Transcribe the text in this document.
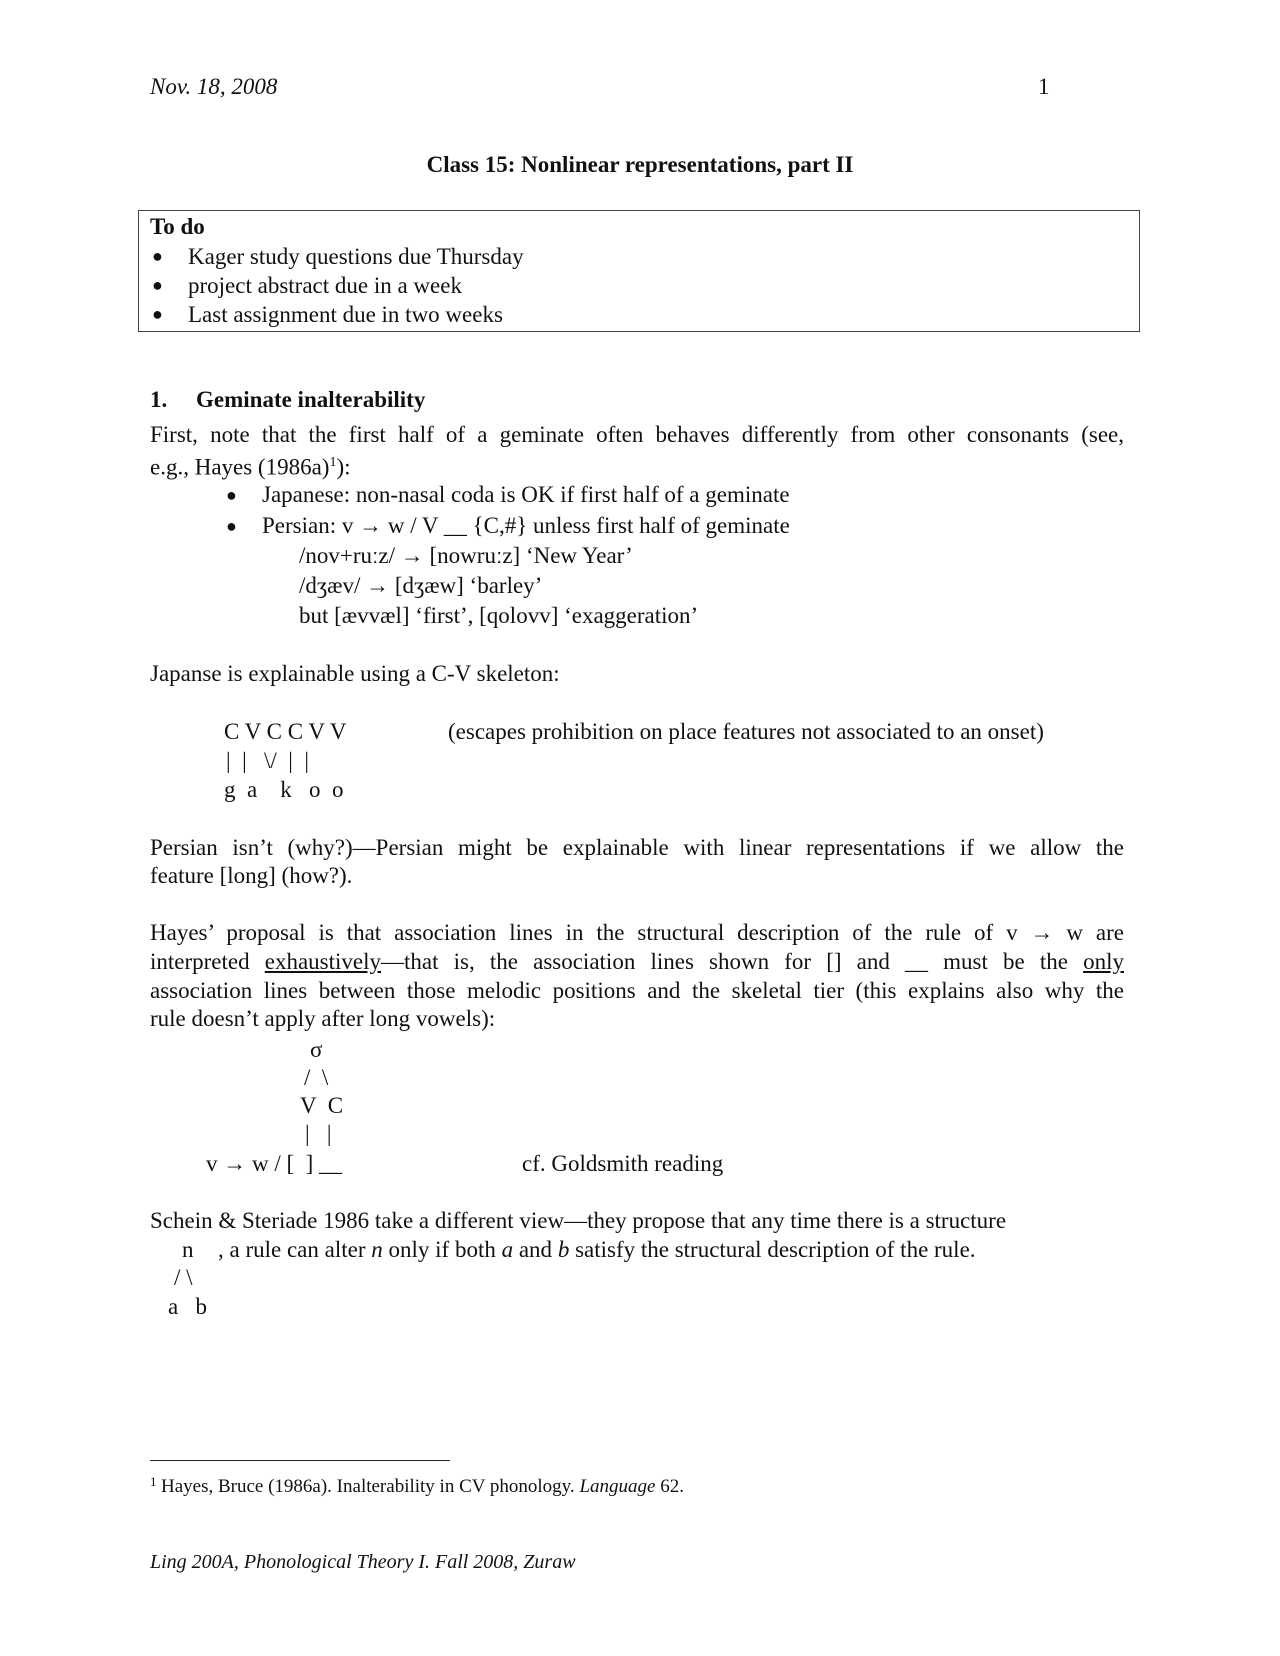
Nov. 18, 2008	1
Class 15: Nonlinear representations, part II
To do
● Kager study questions due Thursday
● project abstract due in a week
● Last assignment due in two weeks
1. Geminate inalterability
First, note that the first half of a geminate often behaves differently from other consonants (see,
e.g., Hayes $(1986a)^1$):
● Japanese: non-nasal coda is OK if first half of a geminate
● Persian: v → w / V __ {C,#} unless first half of geminate
/nov+ruːz/ → [nowruːz] ‘New Year’
/dʒæv/ → [dʒæw] ‘barley’
but [ævvæl] ‘first’, [qolovv] ‘exaggeration’
Japanse is explainable using a C-V skeleton:
C V C C V V
|  |   \/  |  |
g  a    k   o  o
(escapes prohibition on place features not associated to an onset)
Persian isn’t (why?)—Persian might be explainable with linear representations if we allow the
feature [long] (how?).
Hayes’ proposal is that association lines in the structural description of the rule of v → w are
interpreted exhaustively—that is, the association lines shown for [] and __ must be the only
association lines between those melodic positions and the skeletal tier (this explains also why the
rule doesn’t apply after long vowels):
σ
/  \
V  C
|   |
v → w / [  ] __	cf. Goldsmith reading
Schein & Steriade 1986 take a different view—they propose that any time there is a structure
n , a rule can alter n only if both a and b satisfy the structural description of the rule.
/ \
a   b
1 Hayes, Bruce (1986a). Inalterability in CV phonology. Language 62.
Ling 200A, Phonological Theory I. Fall 2008, Zuraw
